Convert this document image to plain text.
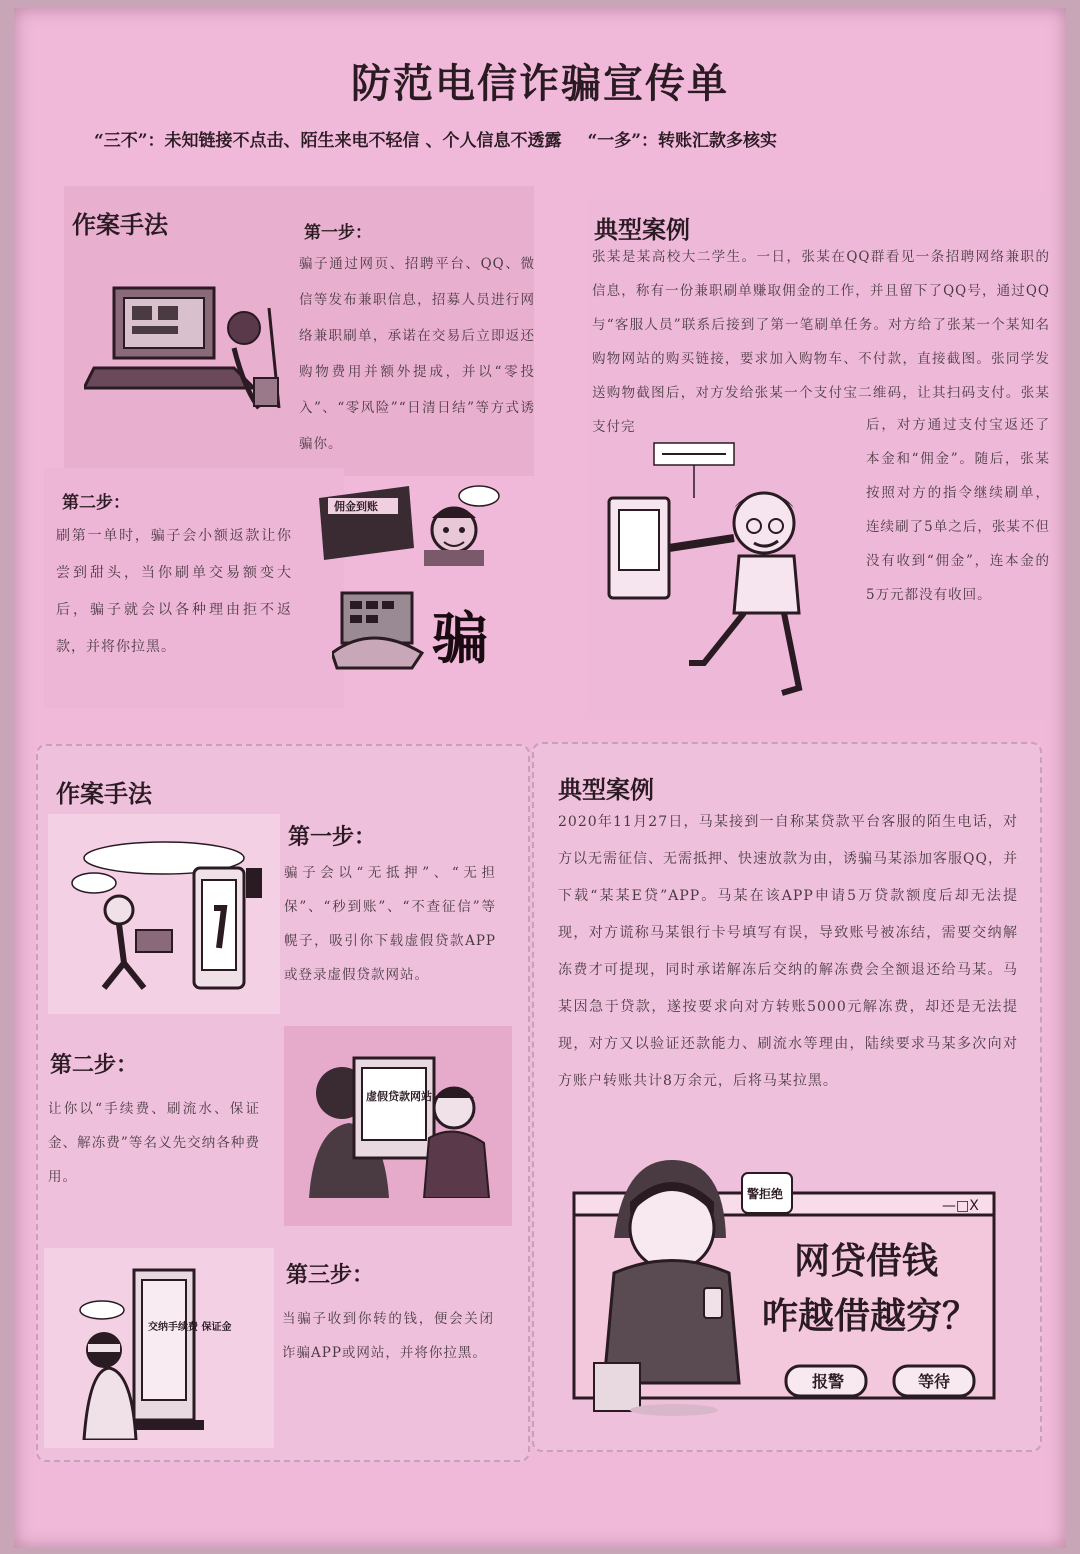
防范电信诈骗宣传单
“三不”：未知链接不点击、陌生来电不轻信 、个人信息不透露 “一多”：转账汇款多核实
作案手法	第一步：
骗子通过网页、招聘平台、QQ、微信等发布兼职信息，招募人员进行网络兼职刷单，承诺在交易后立即返还购物费用并额外提成，并以“零投入”、“零风险”“日清日结”等方式诱骗你。
第二步：
刷第一单时，骗子会小额返款让你尝到甜头，当你刷单交易额变大后，骗子就会以各种理由拒不返款，并将你拉黑。
佣金到账
骗
典型案例
张某是某高校大二学生。一日，张某在QQ群看见一条招聘网络兼职的信息，称有一份兼职刷单赚取佣金的工作，并且留下了QQ号，通过QQ与“客服人员”联系后接到了第一笔刷单任务。对方给了张某一个某知名购物网站的购买链接，要求加入购物车、不付款，直接截图。张同学发送购物截图后，对方发给张某一个支付宝二维码，让其扫码支付。张某支付完	后，对方通过支付宝返还了本金和“佣金”。随后，张某按照对方的指令继续刷单，连续刷了5单之后，张某不但没有收到“佣金”，连本金的5万元都没有收回。
作案手法
第一步：
骗子会以“无抵押”、“无担保”、“秒到账”、“不查征信”等幌子，吸引你下载虚假贷款APP或登录虚假贷款网站。
第二步：
让你以“手续费、刷流水、保证金、解冻费”等名义先交纳各种费用。
虚假贷款网站
第三步：
当骗子收到你转的钱，便会关闭诈骗APP或网站，并将你拉黑。
交纳手续费 保证金
典型案例
2020年11月27日，马某接到一自称某贷款平台客服的陌生电话，对方以无需征信、无需抵押、快速放款为由，诱骗马某添加客服QQ，并下载“某某E贷”APP。马某在该APP申请5万贷款额度后却无法提现，对方谎称马某银行卡号填写有误，导致账号被冻结，需要交纳解冻费才可提现，同时承诺解冻后交纳的解冻费会全额退还给马某。马某因急于贷款，遂按要求向对方转账5000元解冻费，却还是无法提现，对方又以验证还款能力、刷流水等理由，陆续要求马某多次向对方账户转账共计8万余元，后将马某拉黑。
—□X
警拒绝
网贷借钱
咋越借越穷？
报警	等待
